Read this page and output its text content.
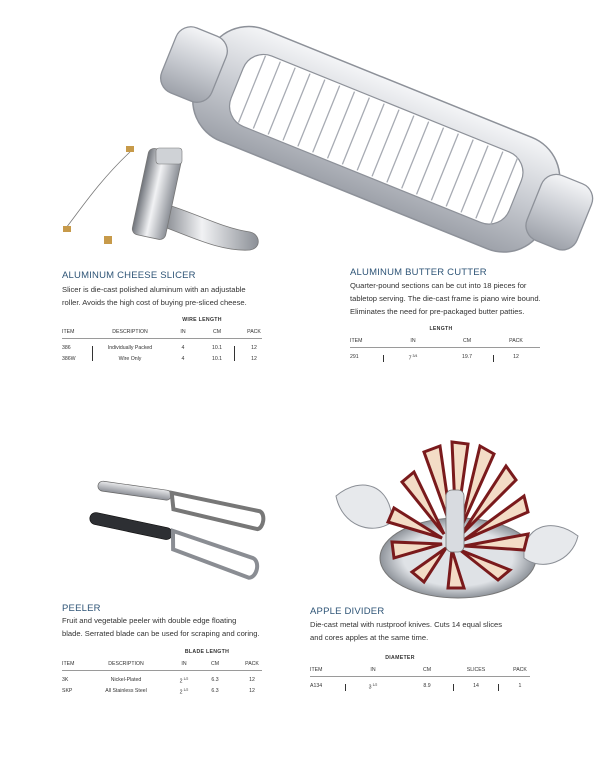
ALUMINUM CHEESE SLICER
Slicer is die-cast polished aluminum with an adjustable
roller. Avoids the high cost of buying pre-sliced cheese.
WIRE LENGTH
ITEM	DESCRIPTION	IN	CM	PACK
386	Individually Packed	4	10.1	12
386W	Wire Only	4	10.1	12
ALUMINUM BUTTER CUTTER
Quarter-pound sections can be cut into 18 pieces for
tabletop serving. The die-cast frame is piano wire bound.
Eliminates the need for pre-packaged butter patties.
LENGTH
ITEM	IN	CM	PACK
291	$7^{3/4}$	19.7	12
PEELER
Fruit and vegetable peeler with double edge floating
blade. Serrated blade can be used for scraping and coring.
BLADE LENGTH
ITEM	DESCRIPTION	IN	CM	PACK
3K	Nickel-Plated	$2^{1/2}$	6.3	12
SKP	All Stainless Steel	$2^{1/2}$	6.3	12
APPLE DIVIDER
Die-cast metal with rustproof knives. Cuts 14 equal slices
and cores apples at the same time.
DIAMETER
ITEM	IN	CM	SLICES	PACK
A134	$3^{1/2}$	8.9	14	1
